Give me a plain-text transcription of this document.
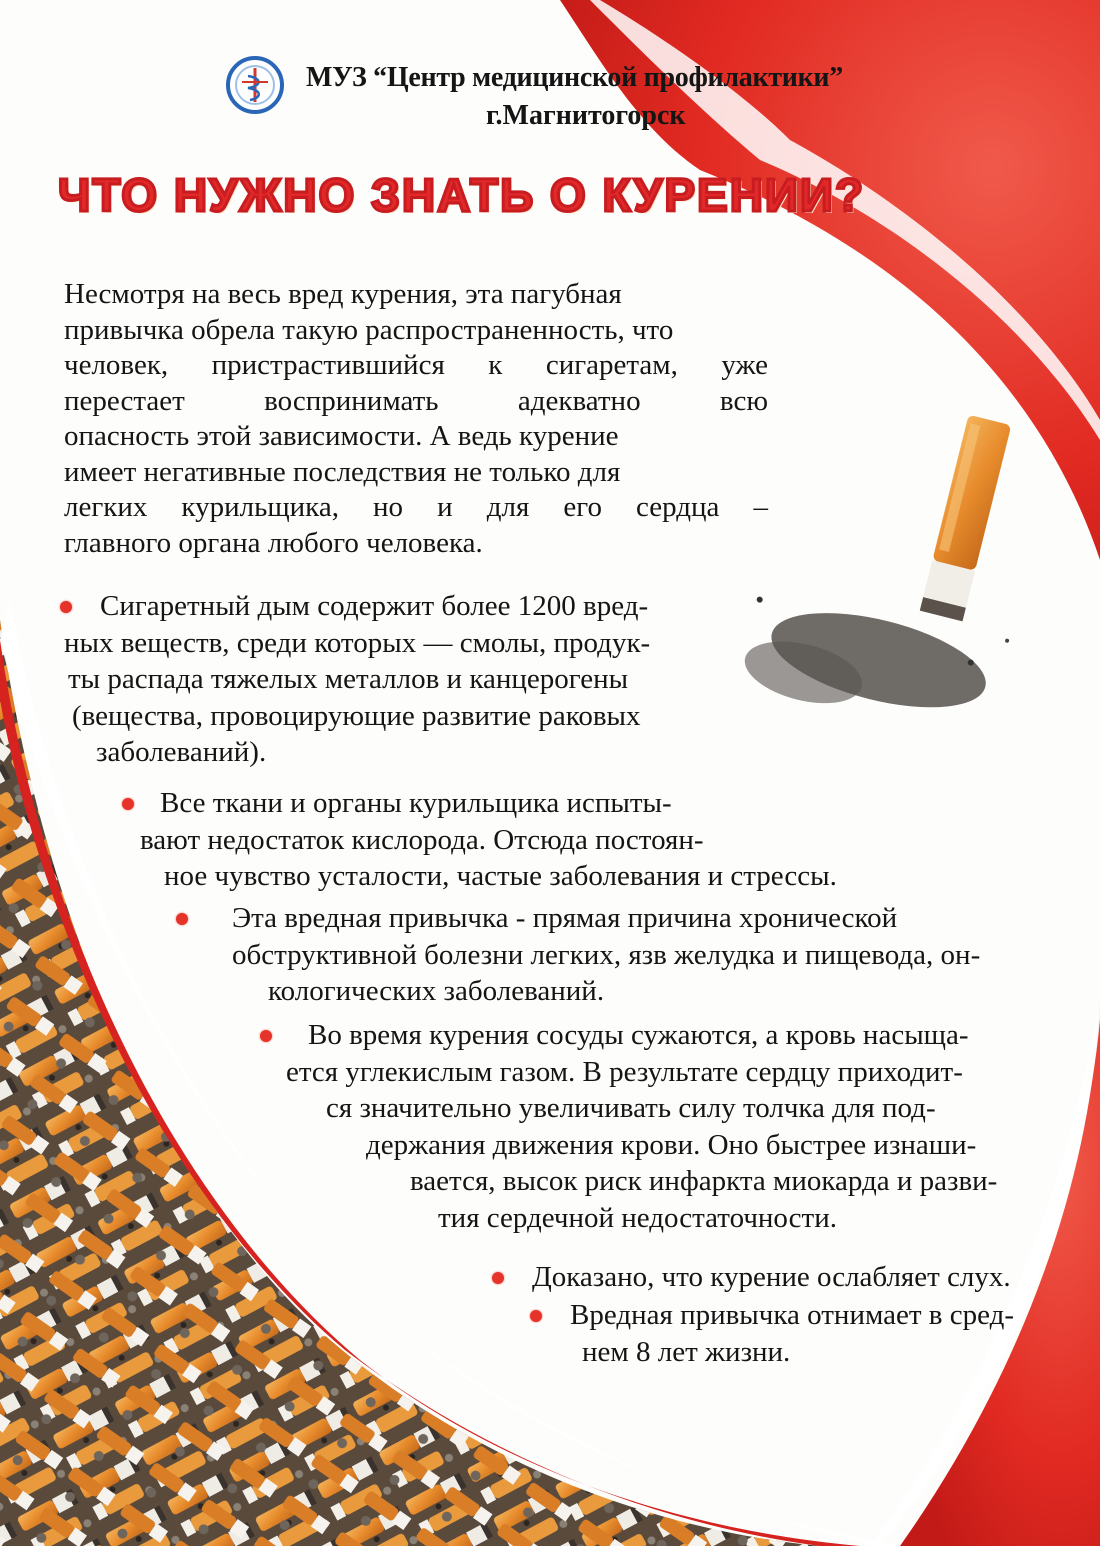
МУЗ “Центр медицинской профилактики”
г.Магнитогорск
ЧТО НУЖНО ЗНАТЬ О КУРЕНИИ?
Несмотря на весь вред курения, эта пагубная
привычка обрела такую распространенность, что
человек, пристрастившийся к сигаретам, уже
перестает воспринимать адекватно всю
опасность этой зависимости. А ведь курение
имеет негативные последствия не только для
легких курильщика, но и для его сердца –
главного органа любого человека.
Сигаретный дым содержит более 1200 вред-
ных веществ, среди которых — смолы, продук-
ты распада тяжелых металлов и канцерогены
(вещества, провоцирующие развитие раковых
заболеваний).
Все ткани и органы курильщика испыты-
вают недостаток кислорода. Отсюда постоян-
ное чувство усталости, частые заболевания и стрессы.
Эта вредная привычка - прямая причина хронической
обструктивной болезни легких, язв желудка и пищевода, он-
кологических заболеваний.
Во время курения сосуды сужаются, а кровь насыща-
ется углекислым газом. В результате сердцу приходит-
ся значительно увеличивать силу толчка для под-
держания движения крови. Оно быстрее изнаши-
вается, высок риск инфаркта миокарда и разви-
тия сердечной недостаточности.
Доказано, что курение ослабляет слух.
Вредная привычка отнимает в сред-
нем 8 лет жизни.
